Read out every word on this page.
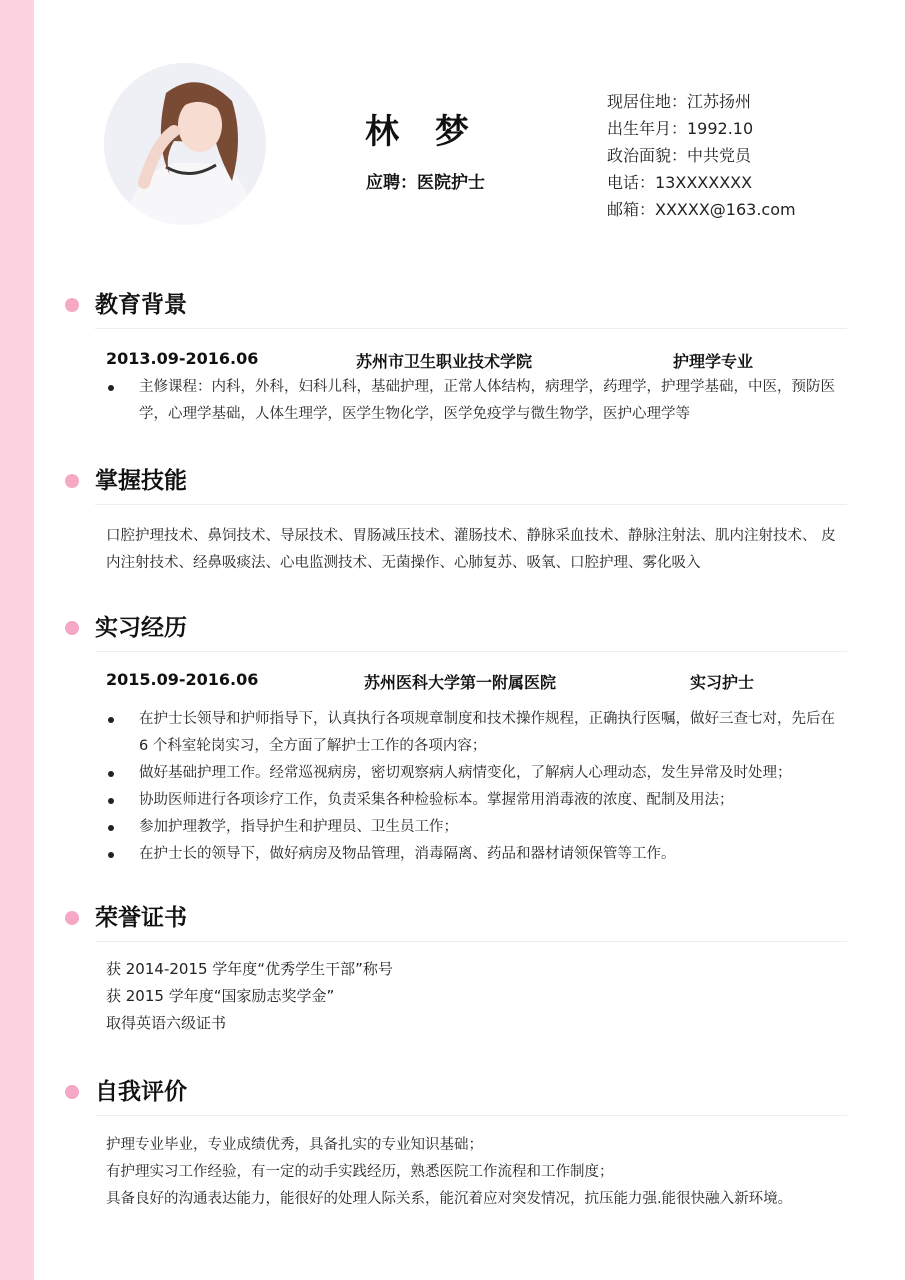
林 梦
应聘：医院护士
现居住地：江苏扬州
出生年月：1992.10
政治面貌：中共党员
电话：13XXXXXXX
邮箱：XXXXX@163.com
教育背景
2013.09-2016.06	苏州市卫生职业技术学院	护理学专业
主修课程：内科，外科，妇科儿科，基础护理，正常人体结构，病理学，药理学，护理学基础，中医，预防医学，心理学基础，人体生理学，医学生物化学，医学免疫学与微生物学，医护心理学等
掌握技能
口腔护理技术、鼻饲技术、导尿技术、胃肠减压技术、灌肠技术、静脉采血技术、静脉注射法、肌内注射技术、 皮内注射技术、经鼻吸痰法、心电监测技术、无菌操作、心肺复苏、吸氧、口腔护理、雾化吸入
实习经历
2015.09-2016.06	苏州医科大学第一附属医院	实习护士
在护士长领导和护师指导下，认真执行各项规章制度和技术操作规程，正确执行医嘱，做好三查七对，先后在 6 个科室轮岗实习，全方面了解护士工作的各项内容；
做好基础护理工作。经常巡视病房，密切观察病人病情变化，了解病人心理动态，发生异常及时处理；
协助医师进行各项诊疗工作，负责采集各种检验标本。掌握常用消毒液的浓度、配制及用法；
参加护理教学，指导护生和护理员、卫生员工作；
在护士长的领导下，做好病房及物品管理，消毒隔离、药品和器材请领保管等工作。
荣誉证书
获 2014-2015 学年度“优秀学生干部”称号
获 2015 学年度“国家励志奖学金”
取得英语六级证书
自我评价
护理专业毕业，专业成绩优秀，具备扎实的专业知识基础；
有护理实习工作经验，有一定的动手实践经历，熟悉医院工作流程和工作制度；
具备良好的沟通表达能力，能很好的处理人际关系，能沉着应对突发情况，抗压能力强.能很快融入新环境。
